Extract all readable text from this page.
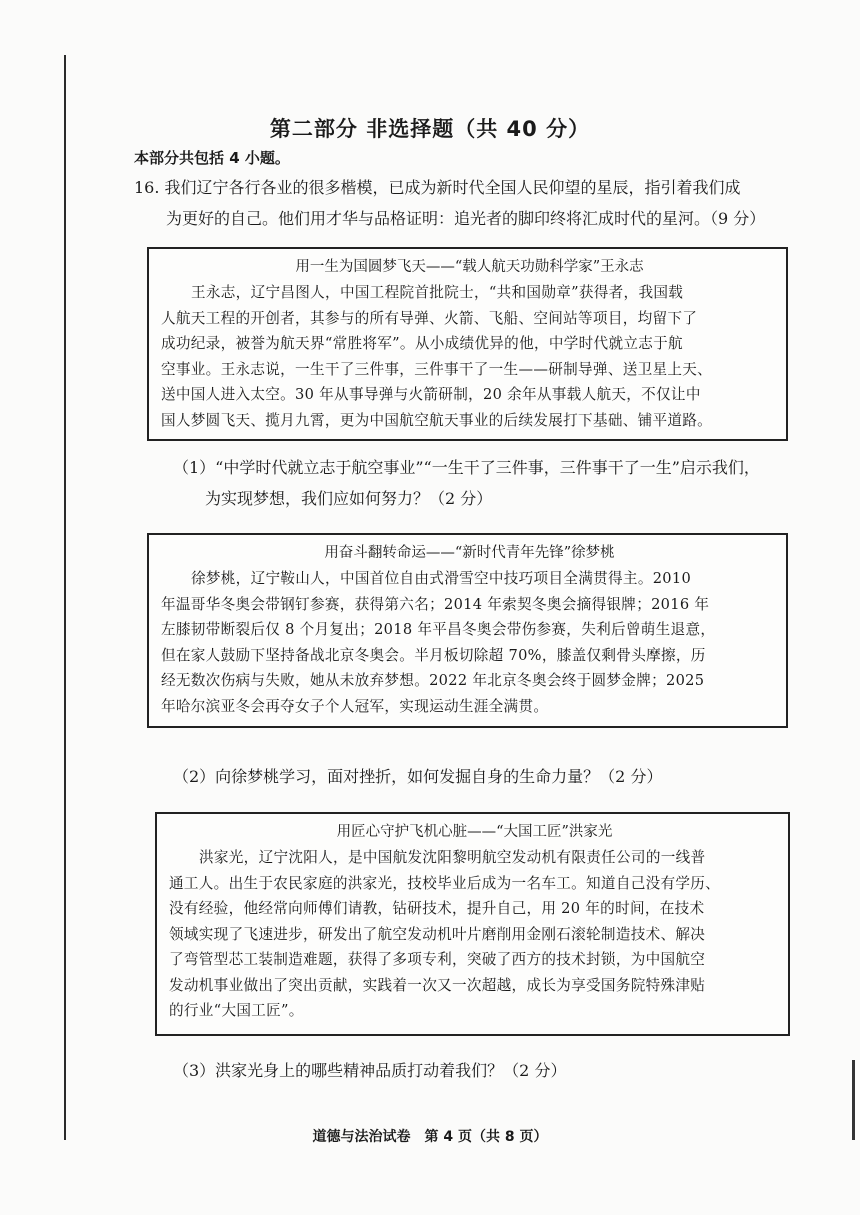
第二部分 非选择题（共 40 分）
本部分共包括 4 小题。
16. 我们辽宁各行各业的很多楷模，已成为新时代全国人民仰望的星辰，指引着我们成
为更好的自己。他们用才华与品格证明：追光者的脚印终将汇成时代的星河。（9 分）
用一生为国圆梦飞天——“载人航天功勋科学家”王永志
王永志，辽宁昌图人，中国工程院首批院士，“共和国勋章”获得者，我国载
人航天工程的开创者，其参与的所有导弹、火箭、飞船、空间站等项目，均留下了
成功纪录，被誉为航天界“常胜将军”。从小成绩优异的他，中学时代就立志于航
空事业。王永志说，一生干了三件事，三件事干了一生——研制导弹、送卫星上天、
送中国人进入太空。30 年从事导弹与火箭研制，20 余年从事载人航天，不仅让中
国人梦圆飞天、揽月九霄，更为中国航空航天事业的后续发展打下基础、铺平道路。
（1）“中学时代就立志于航空事业”“一生干了三件事，三件事干了一生”启示我们，
为实现梦想，我们应如何努力？（2 分）
用奋斗翻转命运——“新时代青年先锋”徐梦桃
徐梦桃，辽宁鞍山人，中国首位自由式滑雪空中技巧项目全满贯得主。2010
年温哥华冬奥会带钢钉参赛，获得第六名；2014 年索契冬奥会摘得银牌；2016 年
左膝韧带断裂后仅 8 个月复出；2018 年平昌冬奥会带伤参赛，失利后曾萌生退意，
但在家人鼓励下坚持备战北京冬奥会。半月板切除超 70%，膝盖仅剩骨头摩擦，历
经无数次伤病与失败，她从未放弃梦想。2022 年北京冬奥会终于圆梦金牌；2025
年哈尔滨亚冬会再夺女子个人冠军，实现运动生涯全满贯。
（2）向徐梦桃学习，面对挫折，如何发掘自身的生命力量？（2 分）
用匠心守护飞机心脏——“大国工匠”洪家光
洪家光，辽宁沈阳人，是中国航发沈阳黎明航空发动机有限责任公司的一线普
通工人。出生于农民家庭的洪家光，技校毕业后成为一名车工。知道自己没有学历、
没有经验，他经常向师傅们请教，钻研技术，提升自己，用 20 年的时间，在技术
领域实现了飞速进步，研发出了航空发动机叶片磨削用金刚石滚轮制造技术、解决
了弯管型芯工装制造难题，获得了多项专利，突破了西方的技术封锁，为中国航空
发动机事业做出了突出贡献，实践着一次又一次超越，成长为享受国务院特殊津贴
的行业“大国工匠”。
（3）洪家光身上的哪些精神品质打动着我们？（2 分）
道德与法治试卷　第 4 页（共 8 页）
